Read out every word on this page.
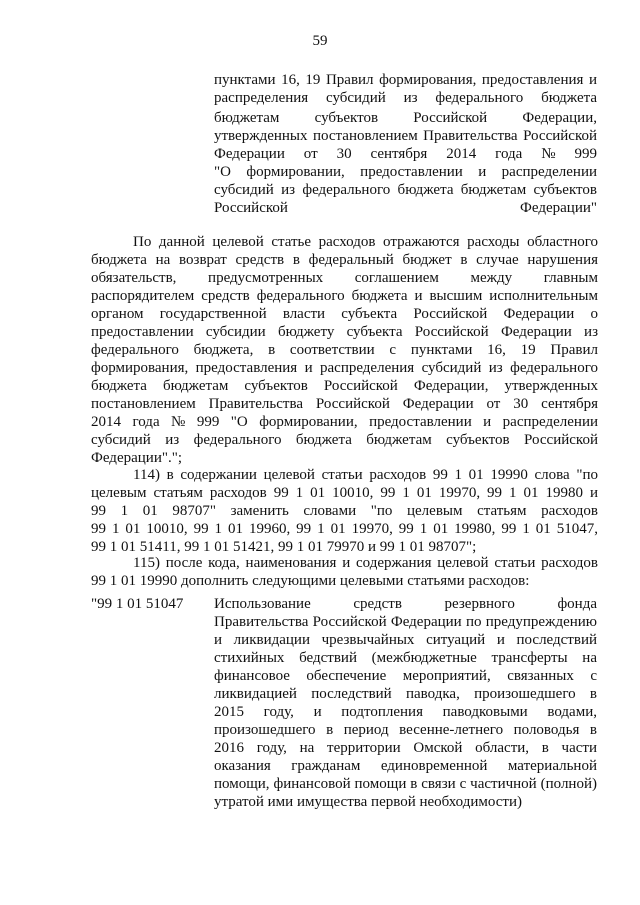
59
пунктами 16, 19 Правил формирования, предоставления и
распределения субсидий из федерального бюджета
бюджетам субъектов Российской Федерации,
утвержденных постановлением Правительства Российской
Федерации от 30 сентября 2014 года № 999
"О формировании, предоставлении и распределении
субсидий из федерального бюджета бюджетам субъектов
Российской Федерации"
По данной целевой статье расходов отражаются расходы областного
бюджета на возврат средств в федеральный бюджет в случае нарушения
обязательств, предусмотренных соглашением между главным
распорядителем средств федерального бюджета и высшим исполнительным
органом государственной власти субъекта Российской Федерации о
предоставлении субсидии бюджету субъекта Российской Федерации из
федерального бюджета, в соответствии с пунктами 16, 19 Правил
формирования, предоставления и распределения субсидий из федерального
бюджета бюджетам субъектов Российской Федерации, утвержденных
постановлением Правительства Российской Федерации от 30 сентября
2014 года № 999 "О формировании, предоставлении и распределении
субсидий из федерального бюджета бюджетам субъектов Российской
Федерации".";
114) в содержании целевой статьи расходов 99 1 01 19990 слова "по
целевым статьям расходов 99 1 01 10010, 99 1 01 19970, 99 1 01 19980 и
99 1 01 98707" заменить словами "по целевым статьям расходов
99 1 01 10010, 99 1 01 19960, 99 1 01 19970, 99 1 01 19980, 99 1 01 51047,
99 1 01 51411, 99 1 01 51421, 99 1 01 79970 и 99 1 01 98707";
115) после кода, наименования и содержания целевой статьи расходов
99 1 01 19990 дополнить следующими целевыми статьями расходов:
"99 1 01 51047 Использование средств резервного фонда
Правительства Российской Федерации по предупреждению
и ликвидации чрезвычайных ситуаций и последствий
стихийных бедствий (межбюджетные трансферты на
финансовое обеспечение мероприятий, связанных с
ликвидацией последствий паводка, произошедшего в
2015 году, и подтопления паводковыми водами,
произошедшего в период весенне-летнего половодья в
2016 году, на территории Омской области, в части
оказания гражданам единовременной материальной
помощи, финансовой помощи в связи с частичной (полной)
утратой ими имущества первой необходимости)
